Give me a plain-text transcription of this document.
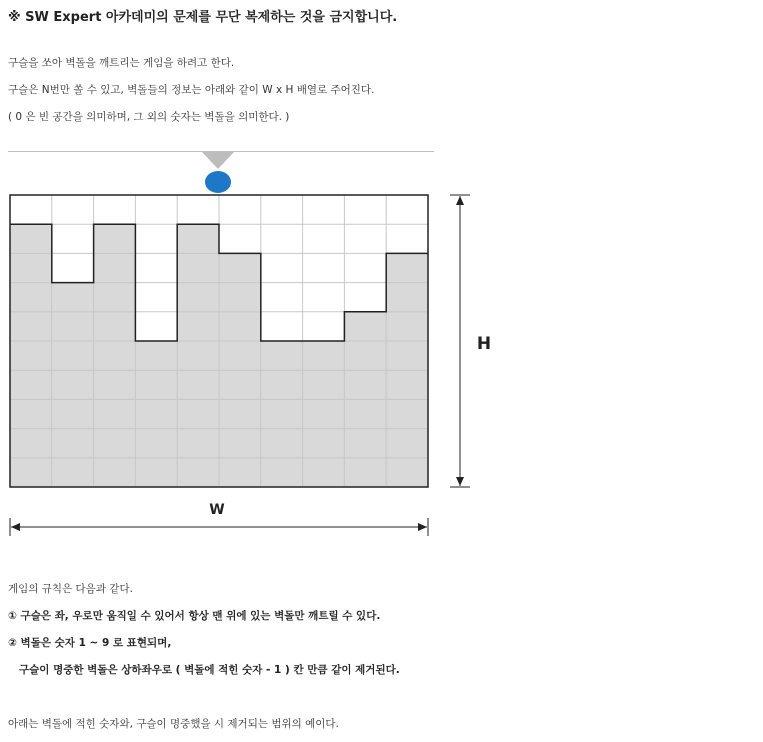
※ SW Expert 아카데미의 문제를 무단 복제하는 것을 금지합니다.
구슬을 쏘아 벽돌을 깨트리는 게임을 하려고 한다.
구슬은 N번만 쏠 수 있고, 벽돌들의 정보는 아래와 같이 W x H 배열로 주어진다.
( 0 은 빈 공간을 의미하며, 그 외의 숫자는 벽돌을 의미한다. )
H
W
게임의 규칙은 다음과 같다.
① 구슬은 좌, 우로만 움직일 수 있어서 항상 맨 위에 있는 벽돌만 깨트릴 수 있다.
② 벽돌은 숫자 1 ~ 9 로 표현되며,
구슬이 명중한 벽돌은 상하좌우로 ( 벽돌에 적힌 숫자 - 1 ) 칸 만큼 같이 제거된다.
아래는 벽돌에 적힌 숫자와, 구슬이 명중했을 시 제거되는 범위의 예이다.
